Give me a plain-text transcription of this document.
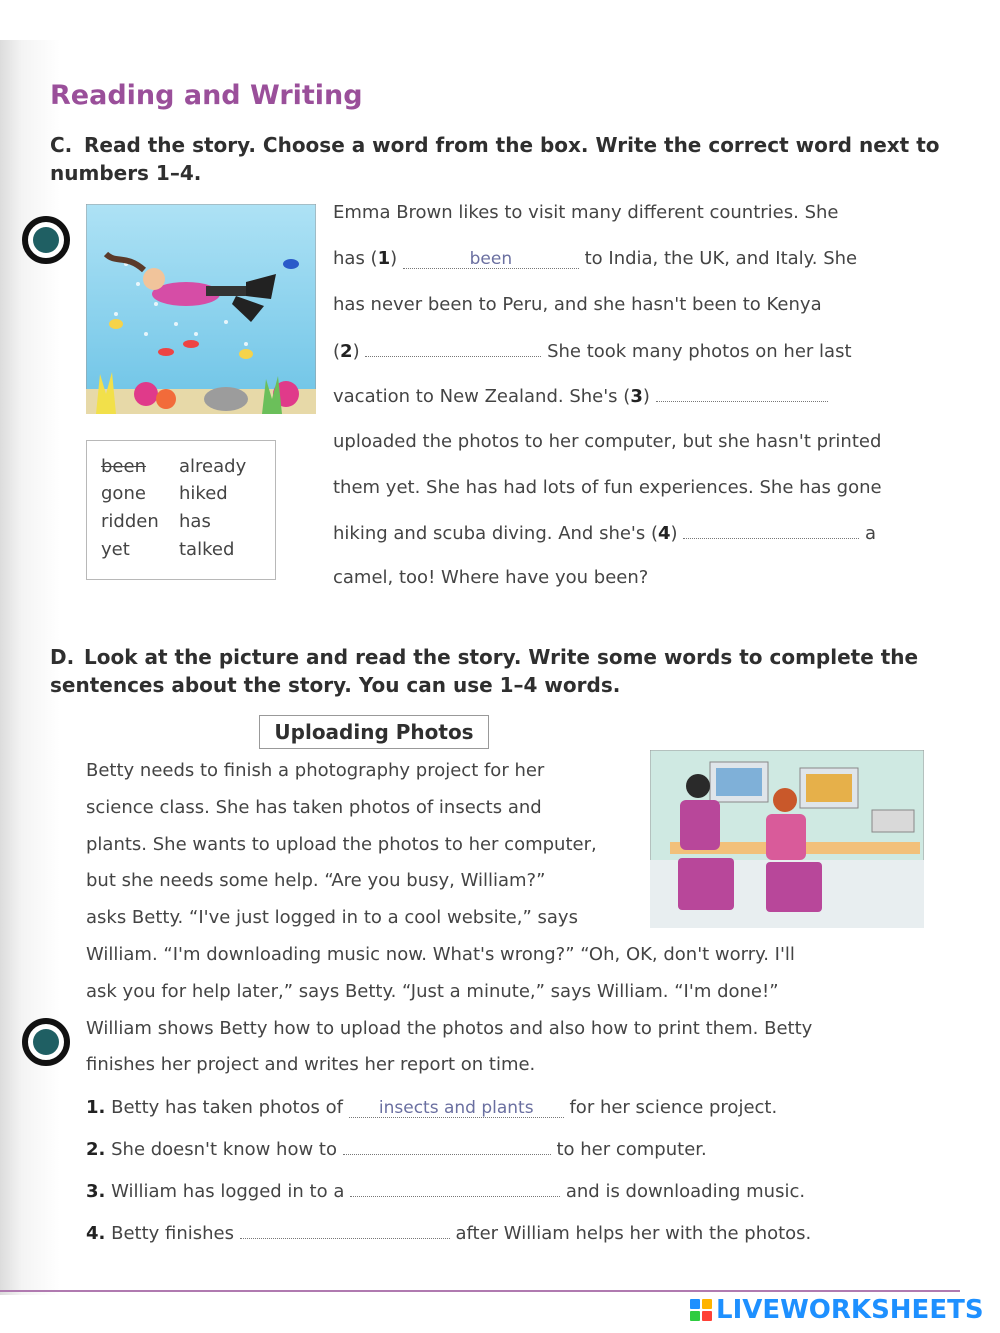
Reading and Writing
C. Read the story. Choose a word from the box. Write the correct word next to numbers 1–4.
been already
gone hiked
ridden has
yet	talked
Emma Brown likes to visit many different countries. She
has (1)	been	to India, the UK, and Italy. She
has never been to Peru, and she hasn't been to Kenya
(2)	She took many photos on her last
vacation to New Zealand. She's (3)
uploaded the photos to her computer, but she hasn't printed
them yet. She has had lots of fun experiences. She has gone
hiking and scuba diving. And she's (4)	a
camel, too! Where have you been?
D. Look at the picture and read the story. Write some words to complete the sentences about the story. You can use 1–4 words.
Uploading Photos
Betty needs to finish a photography project for her
science class. She has taken photos of insects and
plants. She wants to upload the photos to her computer,
but she needs some help. “Are you busy, William?”
asks Betty. “I've just logged in to a cool website,” says
William. “I'm downloading music now. What's wrong?” “Oh, OK, don't worry. I'll
ask you for help later,” says Betty. “Just a minute,” says William. “I'm done!”
William shows Betty how to upload the photos and also how to print them. Betty
finishes her project and writes her report on time.
1. Betty has taken photos of insects and plants for her science project.
2. She doesn't know how to	to her computer.
3. William has logged in to a	and is downloading music.
4. Betty finishes	after William helps her with the photos.
LIVEWORKSHEETS
